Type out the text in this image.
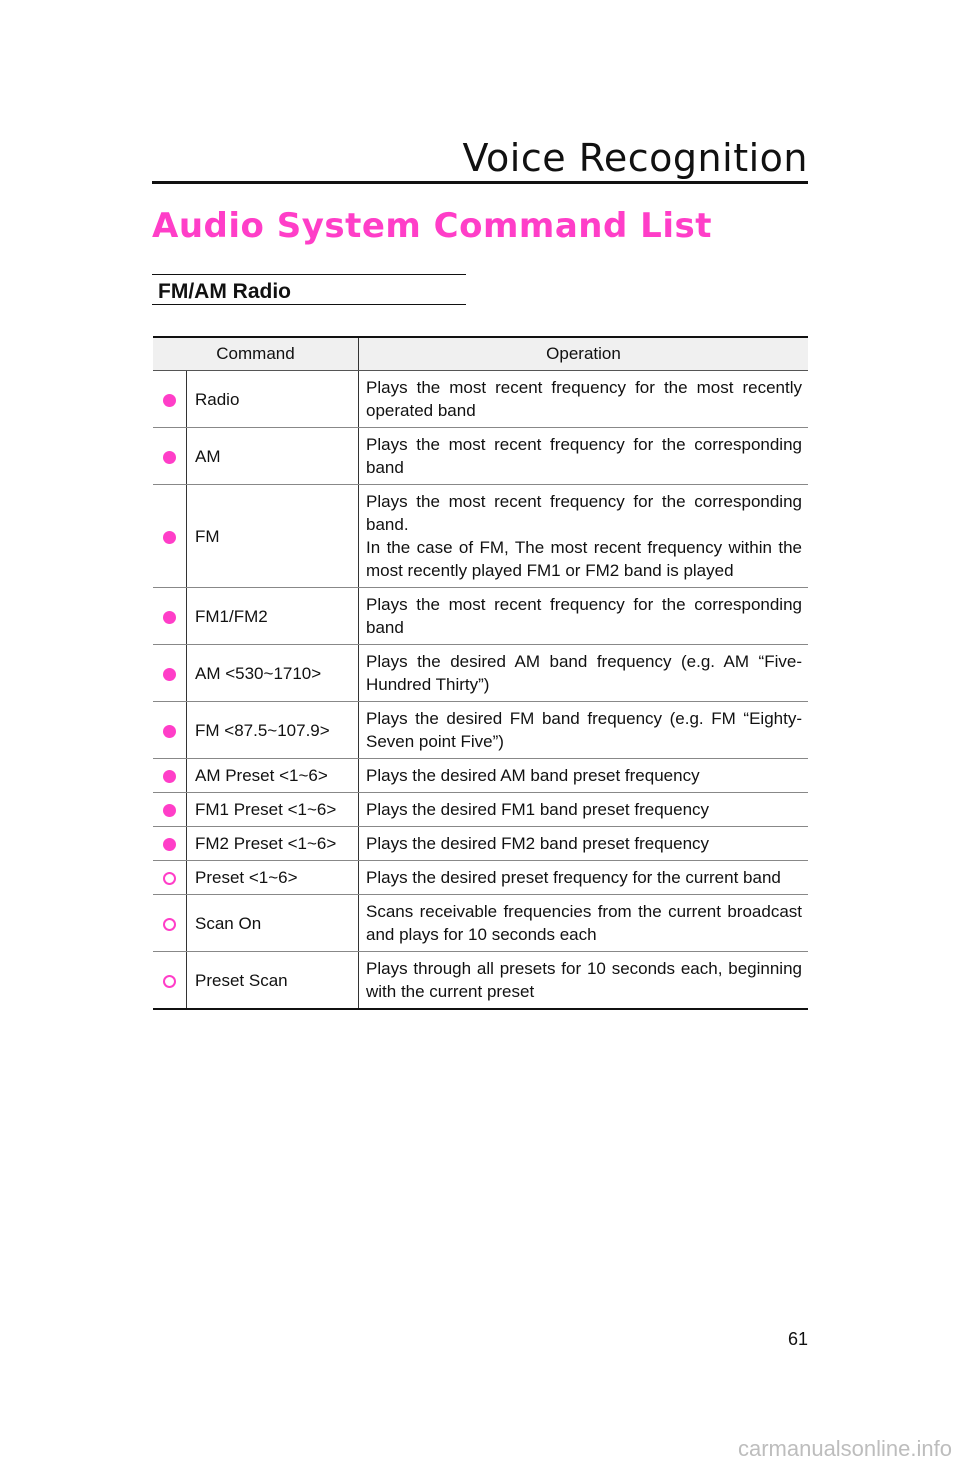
Voice Recognition
Audio System Command List
FM/AM Radio
Command		Operation
	Radio	Plays the most recent frequency for the most recently operated band
	AM	Plays the most recent frequency for the corresponding band
	FM	Plays the most recent frequency for the corresponding band.
In the case of FM, The most recent frequency within the most recently played FM1 or FM2 band is played
	FM1/FM2	Plays the most recent frequency for the corresponding band
	AM <530~1710>	Plays the desired AM band frequency (e.g. AM “Five-Hundred Thirty”)
	FM <87.5~107.9>	Plays the desired FM band frequency (e.g. FM “Eighty-Seven point Five”)
	AM Preset <1~6>	Plays the desired AM band preset frequency
	FM1 Preset <1~6>	Plays the desired FM1 band preset frequency
	FM2 Preset <1~6>	Plays the desired FM2 band preset frequency
	Preset <1~6>	Plays the desired preset frequency for the current band
	Scan On	Scans receivable frequencies from the current broadcast and plays for 10 seconds each
	Preset Scan	Plays through all presets for 10 seconds each, beginning with the current preset
61
carmanualsonline.info
